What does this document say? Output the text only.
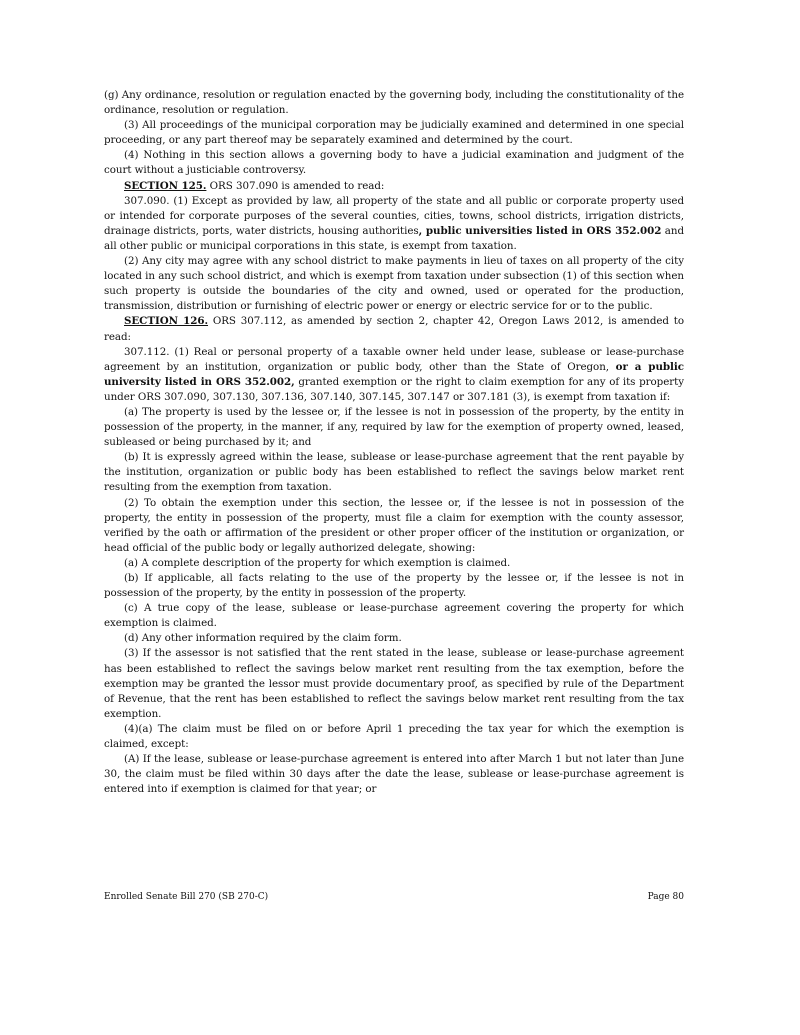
(g) Any ordinance, resolution or regulation enacted by the governing body, including the constitutionality of the ordinance, resolution or regulation.

(3) All proceedings of the municipal corporation may be judicially examined and determined in one special proceeding, or any part thereof may be separately examined and determined by the court.

(4) Nothing in this section allows a governing body to have a judicial examination and judgment of the court without a justiciable controversy.

SECTION 125. ORS 307.090 is amended to read:

307.090. (1) Except as provided by law, all property of the state and all public or corporate property used or intended for corporate purposes of the several counties, cities, towns, school districts, irrigation districts, drainage districts, ports, water districts, housing authorities, public universities listed in ORS 352.002 and all other public or municipal corporations in this state, is exempt from taxation.

(2) Any city may agree with any school district to make payments in lieu of taxes on all property of the city located in any such school district, and which is exempt from taxation under subsection (1) of this section when such property is outside the boundaries of the city and owned, used or operated for the production, transmission, distribution or furnishing of electric power or energy or electric service for or to the public.

SECTION 126. ORS 307.112, as amended by section 2, chapter 42, Oregon Laws 2012, is amended to read:

307.112. (1) Real or personal property of a taxable owner held under lease, sublease or lease-purchase agreement by an institution, organization or public body, other than the State of Oregon, or a public university listed in ORS 352.002, granted exemption or the right to claim exemption for any of its property under ORS 307.090, 307.130, 307.136, 307.140, 307.145, 307.147 or 307.181 (3), is exempt from taxation if:

(a) The property is used by the lessee or, if the lessee is not in possession of the property, by the entity in possession of the property, in the manner, if any, required by law for the exemption of property owned, leased, subleased or being purchased by it; and

(b) It is expressly agreed within the lease, sublease or lease-purchase agreement that the rent payable by the institution, organization or public body has been established to reflect the savings below market rent resulting from the exemption from taxation.

(2) To obtain the exemption under this section, the lessee or, if the lessee is not in possession of the property, the entity in possession of the property, must file a claim for exemption with the county assessor, verified by the oath or affirmation of the president or other proper officer of the institution or organization, or head official of the public body or legally authorized delegate, showing:

(a) A complete description of the property for which exemption is claimed.

(b) If applicable, all facts relating to the use of the property by the lessee or, if the lessee is not in possession of the property, by the entity in possession of the property.

(c) A true copy of the lease, sublease or lease-purchase agreement covering the property for which exemption is claimed.

(d) Any other information required by the claim form.

(3) If the assessor is not satisfied that the rent stated in the lease, sublease or lease-purchase agreement has been established to reflect the savings below market rent resulting from the tax exemption, before the exemption may be granted the lessor must provide documentary proof, as specified by rule of the Department of Revenue, that the rent has been established to reflect the savings below market rent resulting from the tax exemption.

(4)(a) The claim must be filed on or before April 1 preceding the tax year for which the exemption is claimed, except:

(A) If the lease, sublease or lease-purchase agreement is entered into after March 1 but not later than June 30, the claim must be filed within 30 days after the date the lease, sublease or lease-purchase agreement is entered into if exemption is claimed for that year; or

Enrolled Senate Bill 270 (SB 270-C)	Page 80
